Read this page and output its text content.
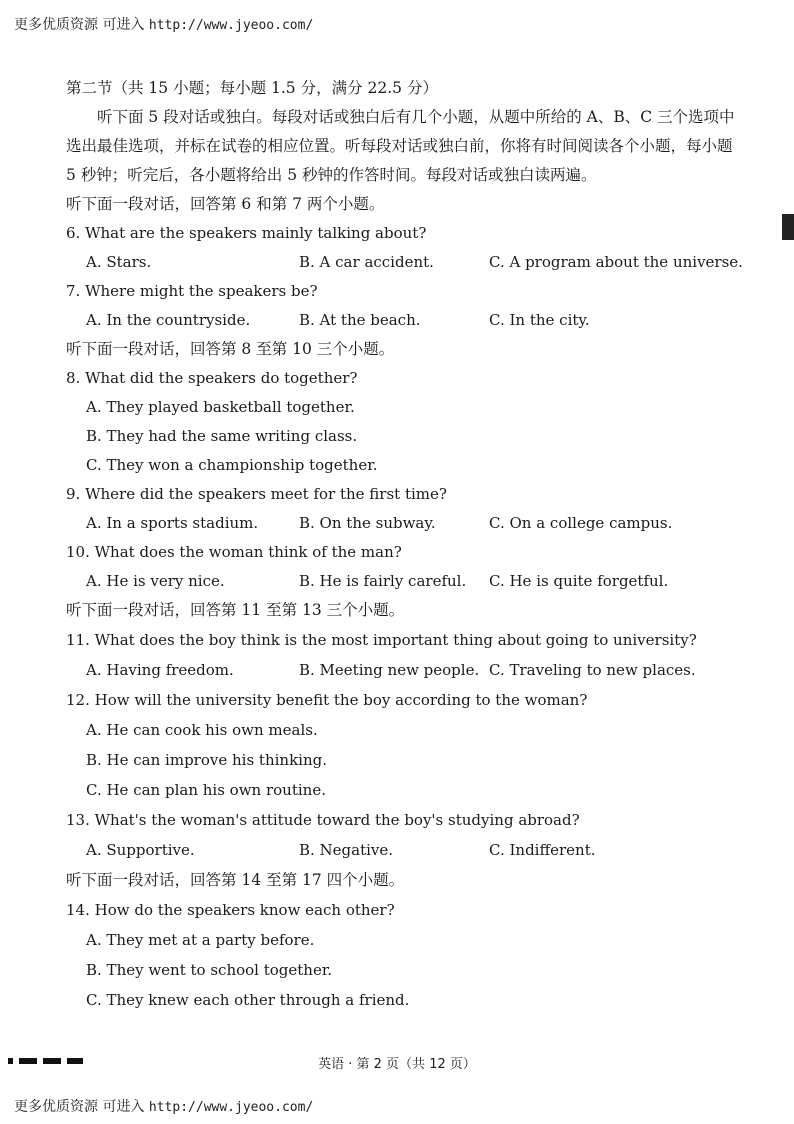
更多优质资源 可进入 http://www.jyeoo.com/
第二节（共 15 小题；每小题 1.5 分，满分 22.5 分）

听下面 5 段对话或独白。每段对话或独白后有几个小题，从题中所给的 A、B、C 三个选项中选出最佳选项，并标在试卷的相应位置。听每段对话或独白前，你将有时间阅读各个小题，每小题 5 秒钟；听完后，各小题将给出 5 秒钟的作答时间。每段对话或独白读两遍。

听下面一段对话，回答第 6 和第 7 两个小题。
6. What are the speakers mainly talking about?
A. Stars.	B. A car accident.	C. A program about the universe.
7. Where might the speakers be?
A. In the countryside.	B. At the beach.	C. In the city.
听下面一段对话，回答第 8 至第 10 三个小题。
8. What did the speakers do together?
A. They played basketball together.
B. They had the same writing class.
C. They won a championship together.
9. Where did the speakers meet for the first time?
A. In a sports stadium.	B. On the subway.	C. On a college campus.
10. What does the woman think of the man?
A. He is very nice.	B. He is fairly careful.	C. He is quite forgetful.
听下面一段对话，回答第 11 至第 13 三个小题。
11. What does the boy think is the most important thing about going to university?
A. Having freedom.	B. Meeting new people. C. Traveling to new places.
12. How will the university benefit the boy according to the woman?
A. He can cook his own meals.
B. He can improve his thinking.
C. He can plan his own routine.
13. What's the woman's attitude toward the boy's studying abroad?
A. Supportive.	B. Negative.	C. Indifferent.
听下面一段对话，回答第 14 至第 17 四个小题。
14. How do the speakers know each other?
A. They met at a party before.
B. They went to school together.
C. They knew each other through a friend.
英语 · 第 2 页（共 12 页）
更多优质资源 可进入 http://www.jyeoo.com/
